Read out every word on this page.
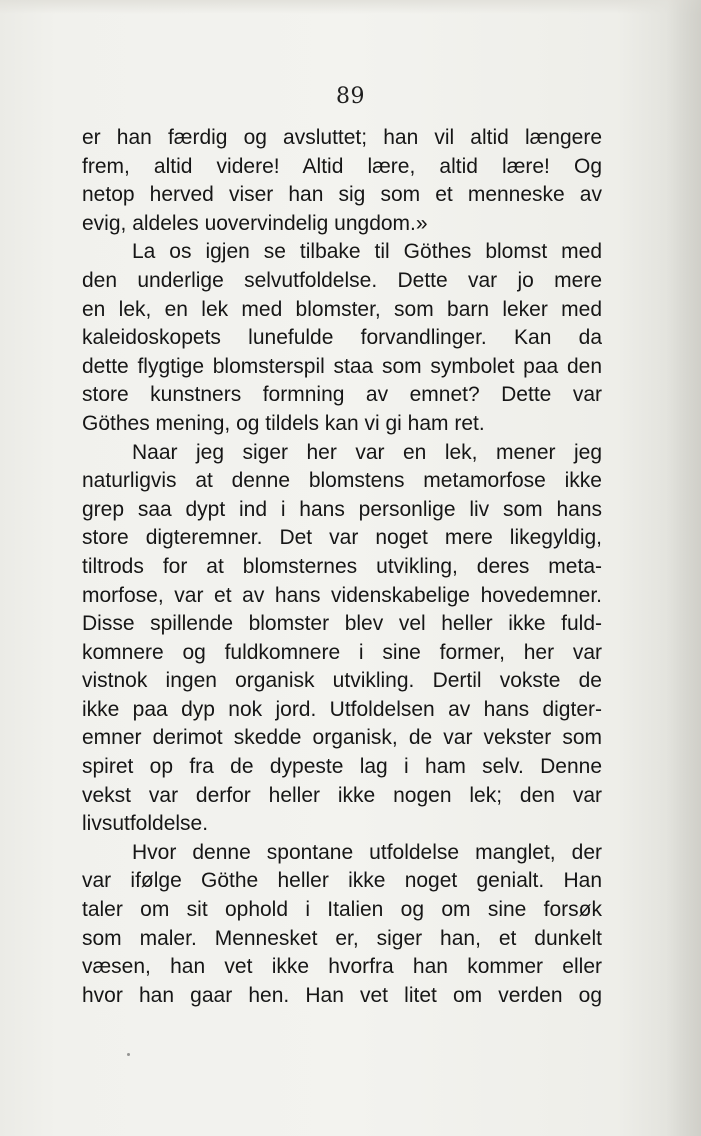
89
er han færdig og avsluttet; han vil altid længere
frem, altid videre! Altid lære, altid lære! Og
netop herved viser han sig som et menneske av
evig, aldeles uovervindelig ungdom.»
La os igjen se tilbake til Göthes blomst med
den underlige selvutfoldelse. Dette var jo mere
en lek, en lek med blomster, som barn leker med
kaleidoskopets lunefulde forvandlinger. Kan da
dette flygtige blomsterspil staa som symbolet paa den
store kunstners formning av emnet? Dette var
Göthes mening, og tildels kan vi gi ham ret.
Naar jeg siger her var en lek, mener jeg
naturligvis at denne blomstens metamorfose ikke
grep saa dypt ind i hans personlige liv som hans
store digteremner. Det var noget mere likegyldig,
tiltrods for at blomsternes utvikling, deres meta-
morfose, var et av hans videnskabelige hovedemner.
Disse spillende blomster blev vel heller ikke fuld-
komnere og fuldkomnere i sine former, her var
vistnok ingen organisk utvikling. Dertil vokste de
ikke paa dyp nok jord. Utfoldelsen av hans digter-
emner derimot skedde organisk, de var vekster som
spiret op fra de dypeste lag i ham selv. Denne
vekst var derfor heller ikke nogen lek; den var
livsutfoldelse.
Hvor denne spontane utfoldelse manglet, der
var ifølge Göthe heller ikke noget genialt. Han
taler om sit ophold i Italien og om sine forsøk
som maler. Mennesket er, siger han, et dunkelt
væsen, han vet ikke hvorfra han kommer eller
hvor han gaar hen. Han vet litet om verden og
